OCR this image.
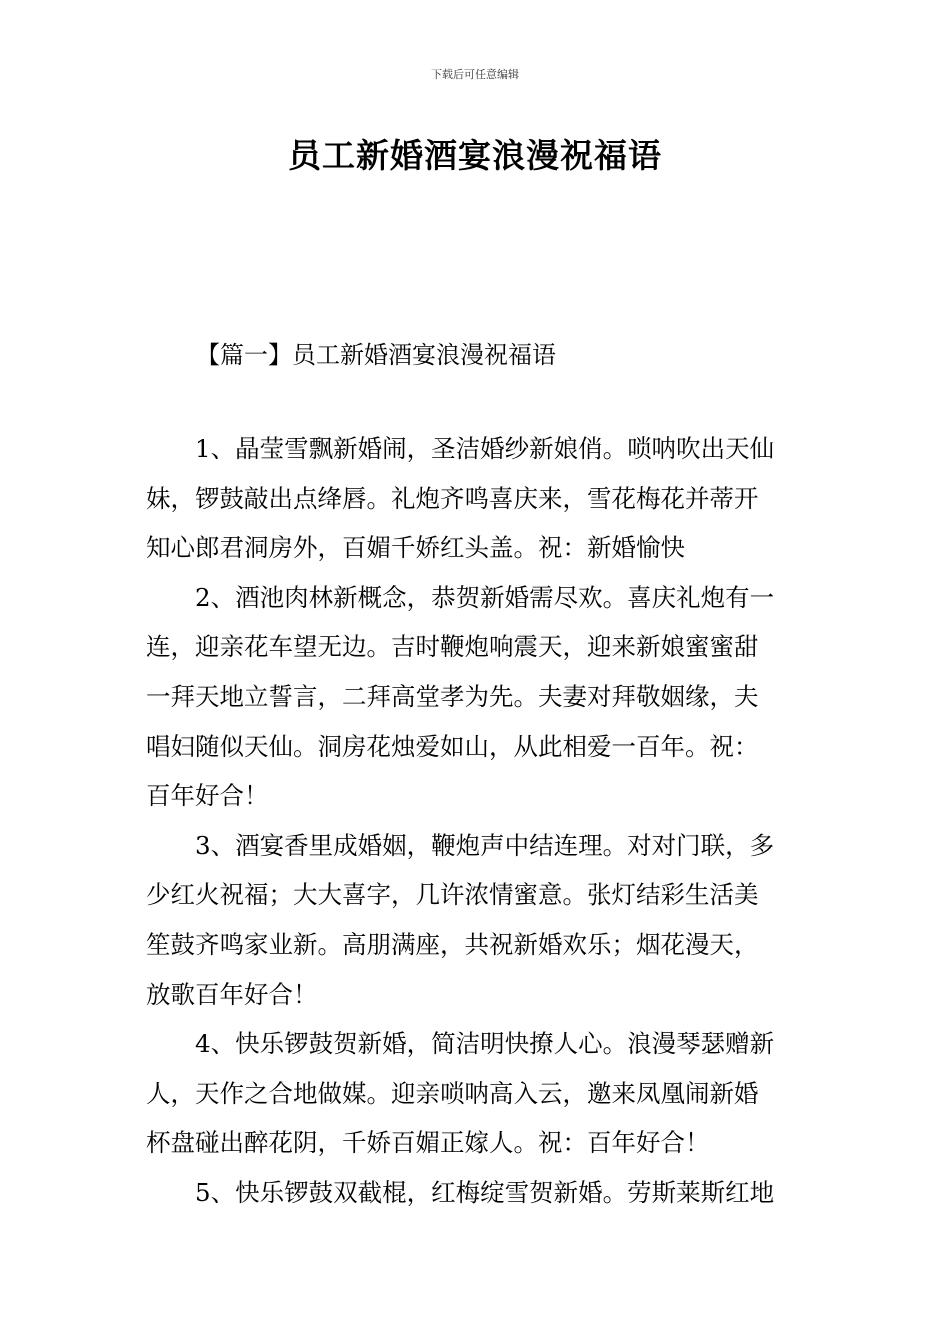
下载后可任意编辑
员工新婚酒宴浪漫祝福语
【篇一】员工新婚酒宴浪漫祝福语

1、晶莹雪飘新婚闹，圣洁婚纱新娘俏。唢呐吹出天仙
妹，锣鼓敲出点绛唇。礼炮齐鸣喜庆来，雪花梅花并蒂开
知心郎君洞房外，百媚千娇红头盖。祝：新婚愉快

2、酒池肉林新概念，恭贺新婚需尽欢。喜庆礼炮有一
连，迎亲花车望无边。吉时鞭炮响震天，迎来新娘蜜蜜甜
一拜天地立誓言，二拜高堂孝为先。夫妻对拜敬姻缘，夫
唱妇随似天仙。洞房花烛爱如山，从此相爱一百年。祝：
百年好合！

3、酒宴香里成婚姻，鞭炮声中结连理。对对门联，多
少红火祝福；大大喜字，几许浓情蜜意。张灯结彩生活美
笙鼓齐鸣家业新。高朋满座，共祝新婚欢乐；烟花漫天，
放歌百年好合！

4、快乐锣鼓贺新婚，简洁明快撩人心。浪漫琴瑟赠新
人，天作之合地做媒。迎亲唢呐高入云，邀来凤凰闹新婚
杯盘碰出醉花阴，千娇百媚正嫁人。祝：百年好合！

5、快乐锣鼓双截棍，红梅绽雪贺新婚。劳斯莱斯红地
